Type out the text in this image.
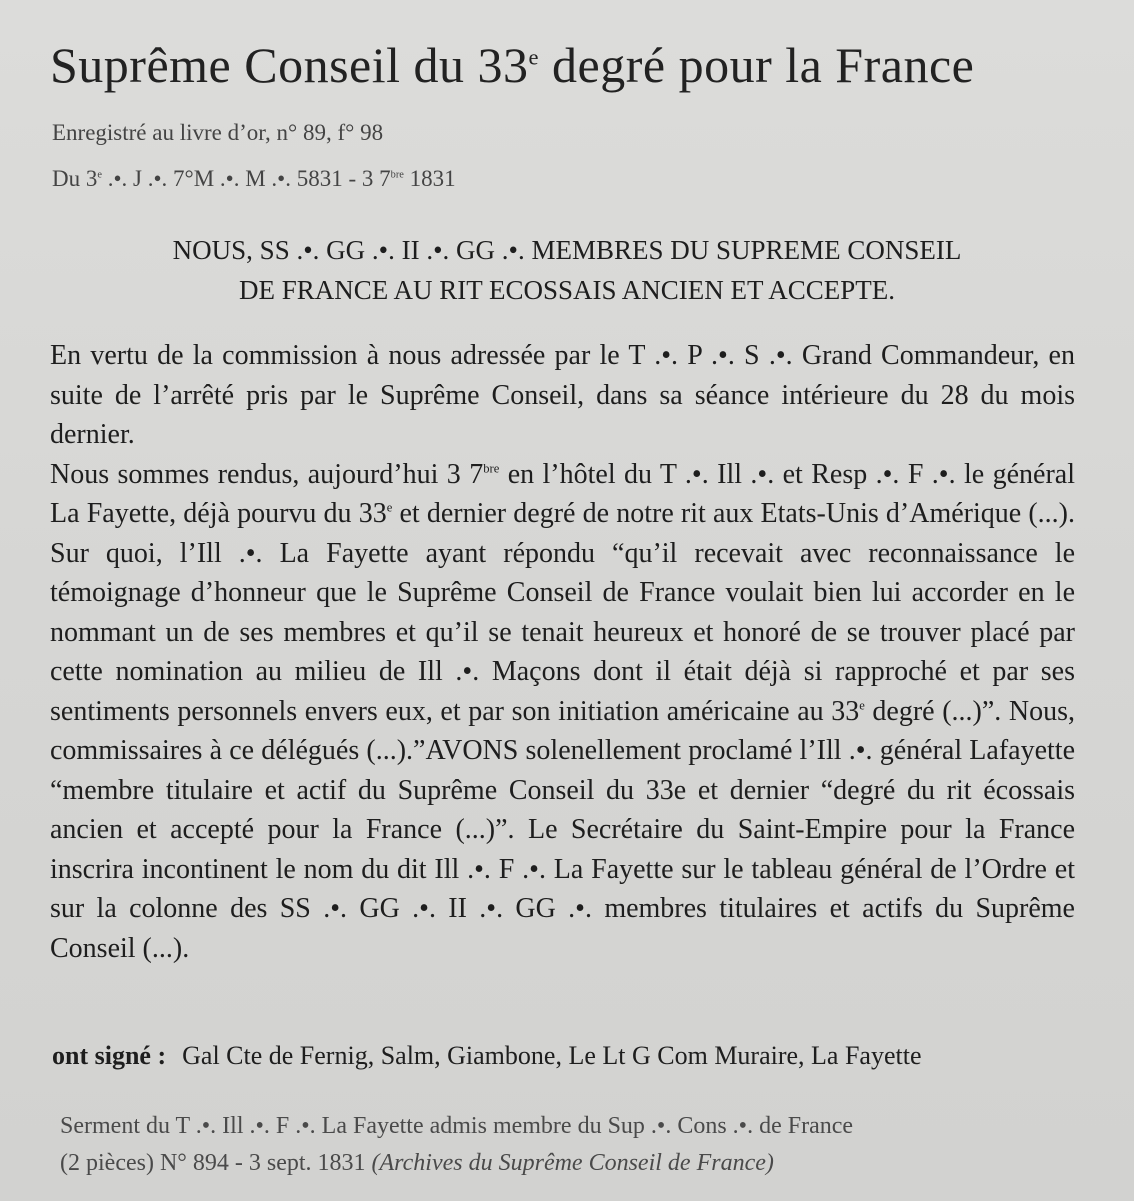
Suprême Conseil du 33e degré pour la France
Enregistré au livre d’or, n° 89, f° 98
Du 3e .•. J .•. 7°M .•. M .•. 5831 - 3 $7^{bre}$ 1831
NOUS, SS .•. GG .•. II .•. GG .•. MEMBRES DU SUPREME CONSEIL
DE FRANCE AU RIT ECOSSAIS ANCIEN ET ACCEPTE.

En vertu de la commission à nous adressée par le T .•. P .•. S .•. Grand Commandeur, en suite de l’arrêté pris par le Suprême Conseil, dans sa séance intérieure du 28 du mois dernier.

Nous sommes rendus, aujourd’hui 3 $7^{bre}$ en l’hôtel du T .•. Ill .•. et Resp .•. F .•. le général La Fayette, déjà pourvu du 33e et dernier degré de notre rit aux Etats-Unis d’Amérique (...). Sur quoi, l’Ill .•. La Fayette ayant répondu “qu’il recevait avec reconnaissance le témoignage d’honneur que le Suprême Conseil de France voulait bien lui accorder en le nommant un de ses membres et qu’il se tenait heureux et honoré de se trouver placé par cette nomination au milieu de Ill .•. Maçons dont il était déjà si rapproché et par ses sentiments personnels envers eux, et par son initiation américaine au 33e degré (...)”. Nous, commissaires à ce délégués (...).”AVONS solenellement proclamé l’Ill .•. général Lafayette “membre titulaire et actif du Suprême Conseil du 33e et dernier “degré du rit écossais ancien et accepté pour la France (...)”. Le Secrétaire du Saint-Empire pour la France inscrira incontinent le nom du dit Ill .•. F .•. La Fayette sur le tableau général de l’Ordre et sur la colonne des SS .•. GG .•. II .•. GG .•. membres titulaires et actifs du Suprême Conseil (...).

ont signé : Gal Cte de Fernig, Salm, Giambone, Le Lt G Com Muraire, La Fayette
Serment du T .•. Ill .•. F .•. La Fayette admis membre du Sup .•. Cons .•. de France
(2 pièces) N° 894 - 3 sept. 1831 (Archives du Suprême Conseil de France)
